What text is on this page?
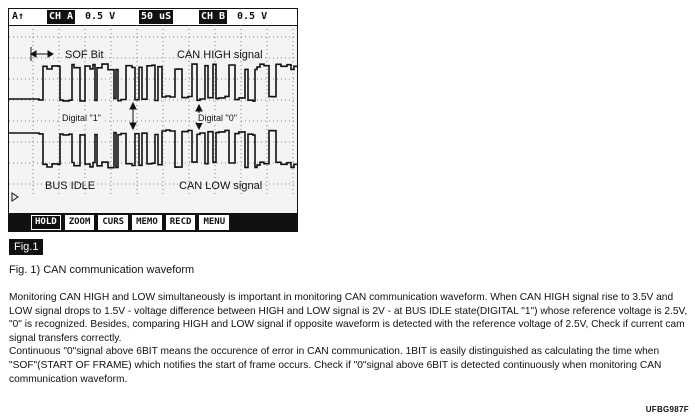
A↑ CH A 0.5 V	50 uS	CH B 0.5 V
SOF Bit	CAN HIGH signal
Digital "1"	Digital "0"
BUS IDLE	CAN LOW signal
HOLD	ZOOM	CURS	MEMO	RECD	MENU
Fig.1
Fig. 1) CAN communication waveform

Monitoring CAN HIGH and LOW simultaneously is important in monitoring CAN communication waveform. When CAN HIGH signal rise to 3.5V and LOW signal drops to 1.5V - voltage difference between HIGH and LOW signal is 2V - at BUS IDLE state(DIGITAL "1") whose reference voltage is 2.5V, "0" is recognized. Besides, comparing HIGH and LOW signal if opposite waveform is detected with the reference voltage of 2.5V, Check if current cam signal transfers correctly.

Continuous "0"signal above 6BIT means the occurence of error in CAN communication. 1BIT is easily distinguished as calculating the time when "SOF"(START OF FRAME) which notifies the start of frame occurs. Check if "0"signal above 6BIT is detected continuously when monitoring CAN communication waveform.

UFBG987F
